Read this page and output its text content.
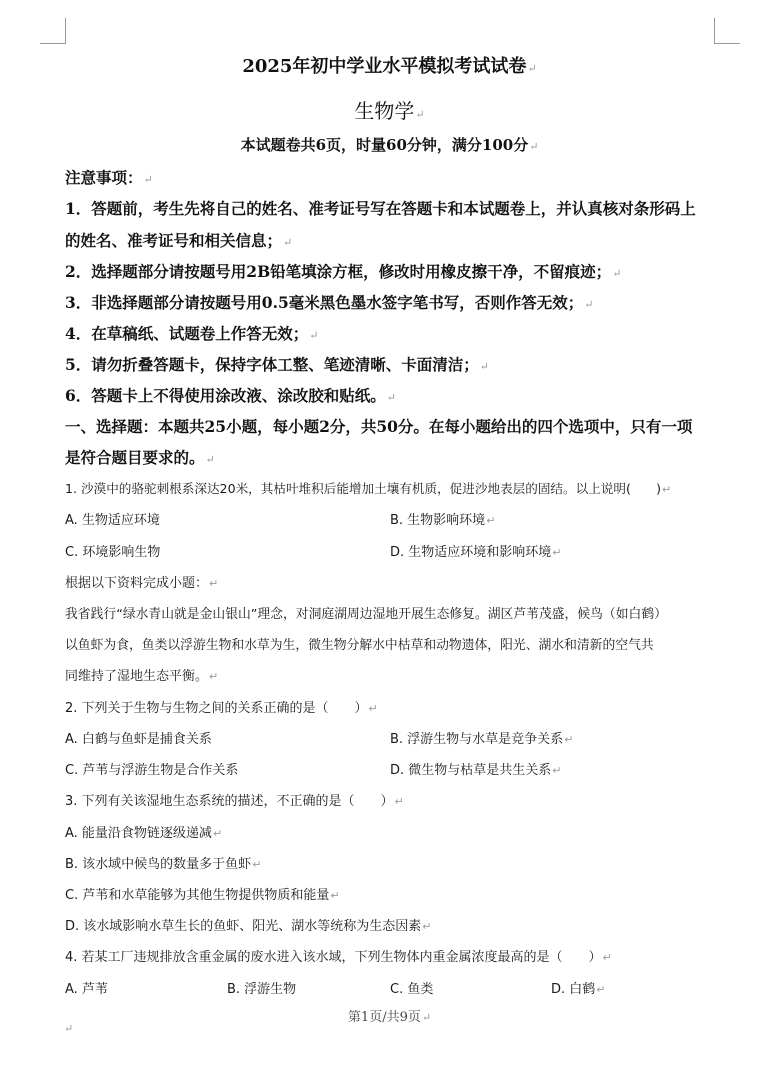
2025年初中学业水平模拟考试试卷↵
生物学↵
本试题卷共6页，时量60分钟，满分100分↵
注意事项：↵
1．答题前，考生先将自己的姓名、准考证号写在答题卡和本试题卷上，并认真核对条形码上
的姓名、准考证号和相关信息；↵
2．选择题部分请按题号用2B铅笔填涂方框，修改时用橡皮擦干净，不留痕迹；↵
3．非选择题部分请按题号用0.5毫米黑色墨水签字笔书写，否则作答无效；↵
4．在草稿纸、试题卷上作答无效；↵
5．请勿折叠答题卡，保持字体工整、笔迹清晰、卡面清洁；↵
6．答题卡上不得使用涂改液、涂改胶和贴纸。↵
一、选择题：本题共25小题，每小题2分，共50分。在每小题给出的四个选项中，只有一项
是符合题目要求的。↵
1. 沙漠中的骆驼刺根系深达20米，其枯叶堆积后能增加土壤有机质，促进沙地表层的固结。以上说明(　　)↵
A. 生物适应环境	B. 生物影响环境↵
C. 环境影响生物	D. 生物适应环境和影响环境↵
根据以下资料完成小题：↵
我省践行“绿水青山就是金山银山”理念，对洞庭湖周边湿地开展生态修复。湖区芦苇茂盛，候鸟（如白鹤）
以鱼虾为食，鱼类以浮游生物和水草为生，微生物分解水中枯草和动物遗体，阳光、湖水和清新的空气共
同维持了湿地生态平衡。↵
2. 下列关于生物与生物之间的关系正确的是（　　）↵
A. 白鹤与鱼虾是捕食关系	B. 浮游生物与水草是竞争关系↵
C. 芦苇与浮游生物是合作关系	D. 微生物与枯草是共生关系↵
3. 下列有关该湿地生态系统的描述，不正确的是（　　）↵
A. 能量沿食物链逐级递减↵
B. 该水域中候鸟的数量多于鱼虾↵
C. 芦苇和水草能够为其他生物提供物质和能量↵
D. 该水域影响水草生长的鱼虾、阳光、湖水等统称为生态因素↵
4. 若某工厂违规排放含重金属的废水进入该水域，下列生物体内重金属浓度最高的是（　　）↵
A. 芦苇	B. 浮游生物	C. 鱼类	D. 白鹤↵
第1页/共9页↵
↵
